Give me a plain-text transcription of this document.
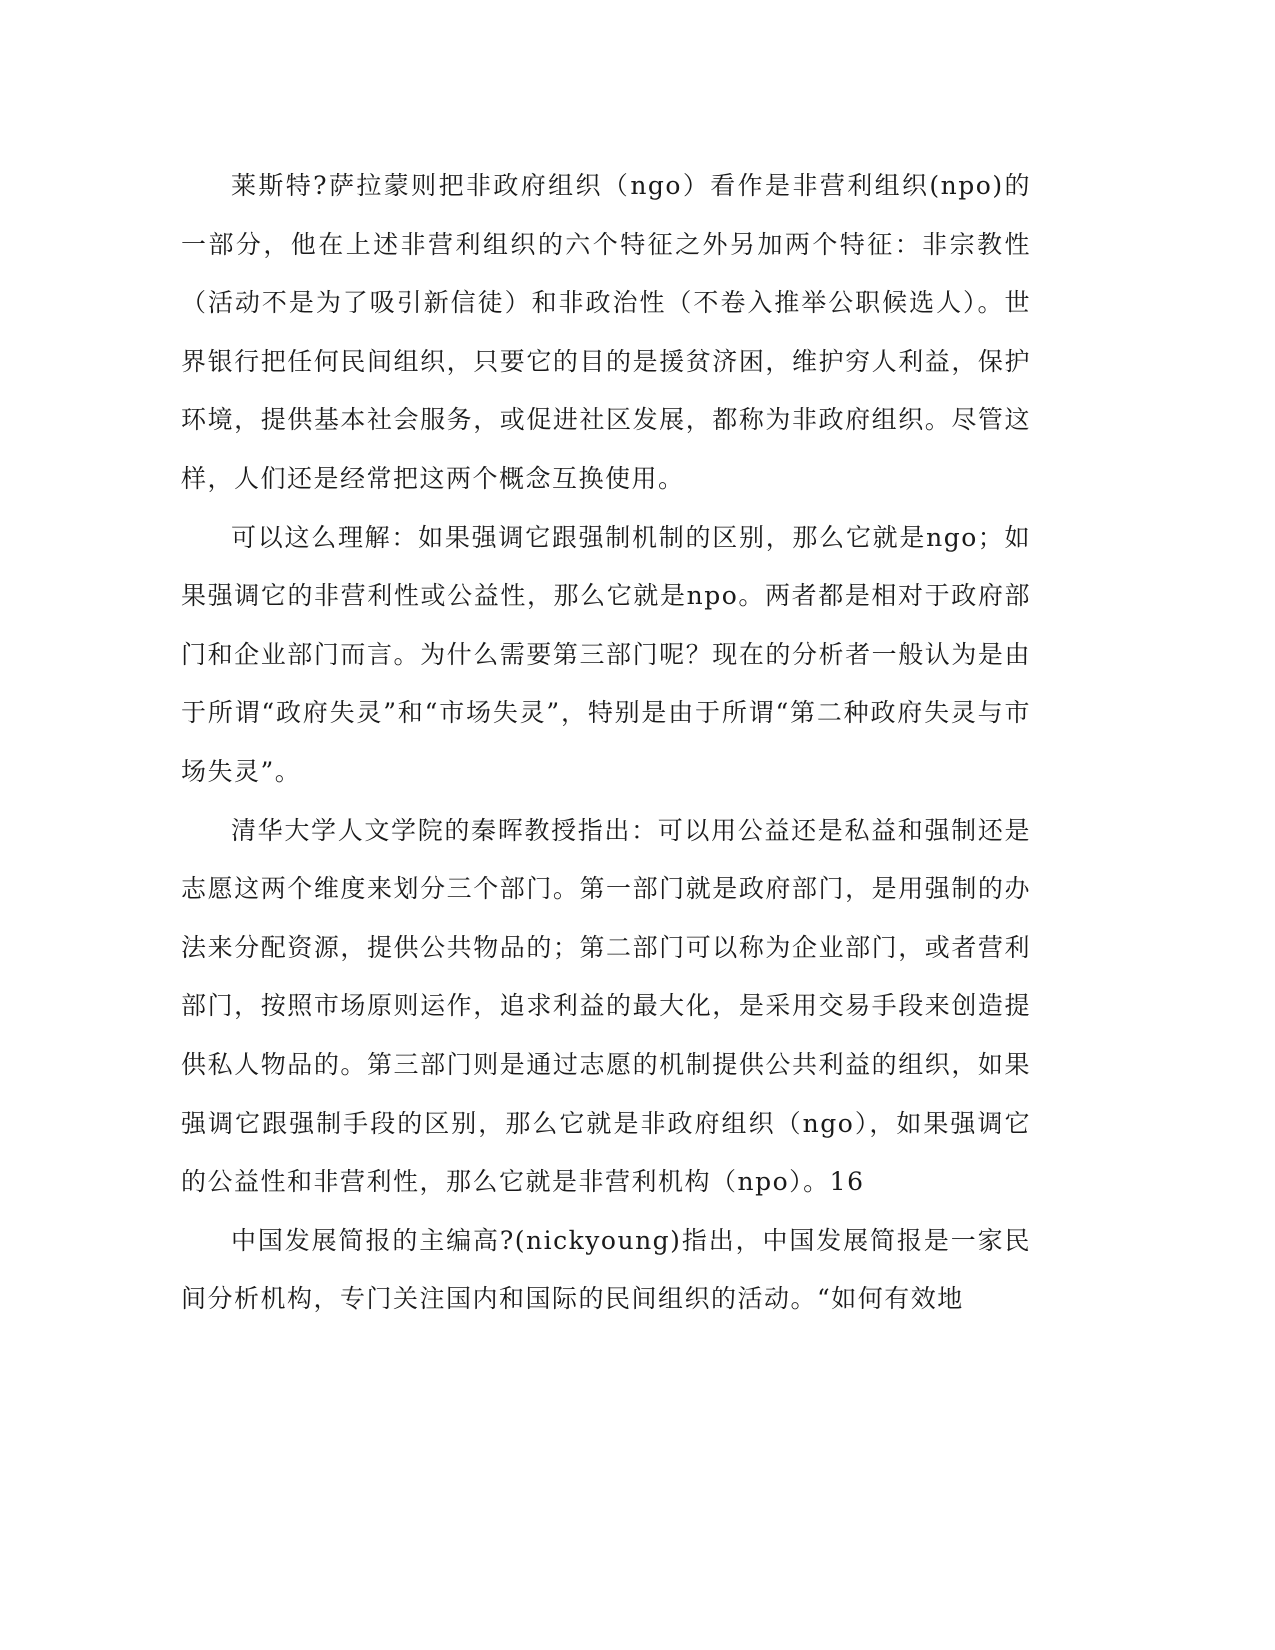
莱斯特?萨拉蒙则把非政府组织（ngo）看作是非营利组织(npo)的一部分，他在上述非营利组织的六个特征之外另加两个特征：非宗教性（活动不是为了吸引新信徒）和非政治性（不卷入推举公职候选人）。世界银行把任何民间组织，只要它的目的是援贫济困，维护穷人利益，保护环境，提供基本社会服务，或促进社区发展，都称为非政府组织。尽管这样，人们还是经常把这两个概念互换使用。

可以这么理解：如果强调它跟强制机制的区别，那么它就是ngo；如果强调它的非营利性或公益性，那么它就是npo。两者都是相对于政府部门和企业部门而言。为什么需要第三部门呢？现在的分析者一般认为是由于所谓“政府失灵”和“市场失灵”，特别是由于所谓“第二种政府失灵与市场失灵”。

清华大学人文学院的秦晖教授指出：可以用公益还是私益和强制还是志愿这两个维度来划分三个部门。第一部门就是政府部门，是用强制的办法来分配资源，提供公共物品的；第二部门可以称为企业部门，或者营利部门，按照市场原则运作，追求利益的最大化，是采用交易手段来创造提供私人物品的。第三部门则是通过志愿的机制提供公共利益的组织，如果强调它跟强制手段的区别，那么它就是非政府组织（ngo），如果强调它的公益性和非营利性，那么它就是非营利机构（npo）。16

中国发展简报的主编高?(nickyoung)指出，中国发展简报是一家民间分析机构，专门关注国内和国际的民间组织的活动。“如何有效地
